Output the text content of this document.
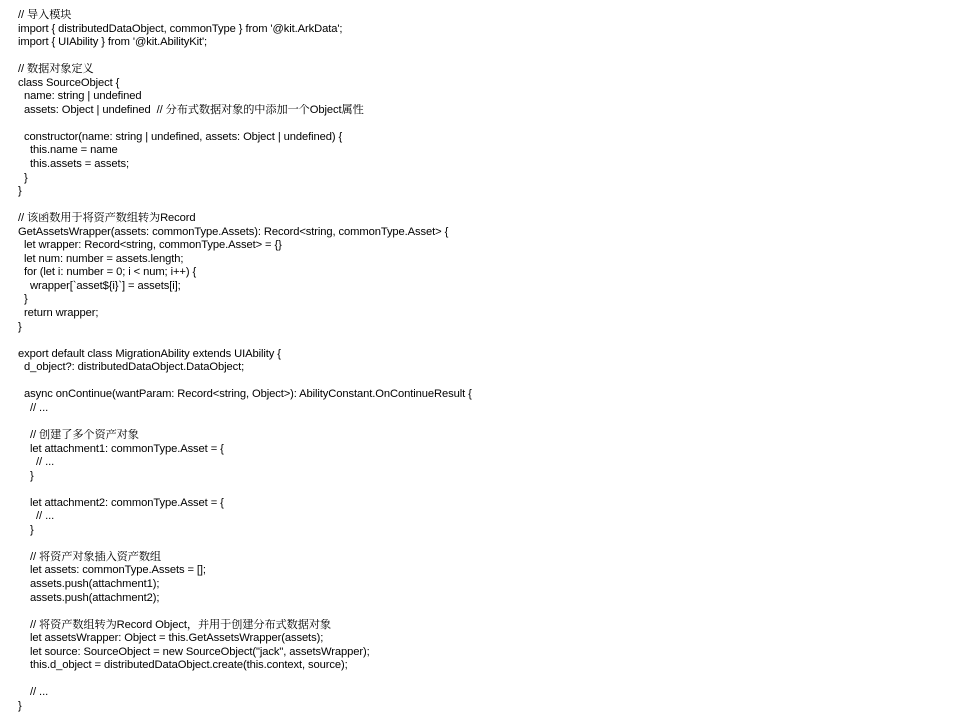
// 导入模块
import { distributedDataObject, commonType } from '@kit.ArkData';
import { UIAbility } from '@kit.AbilityKit';
// 数据对象定义
class SourceObject {
name: string | undefined
assets: Object | undefined  // 分布式数据对象的中添加一个Object属性
constructor(name: string | undefined, assets: Object | undefined) {
this.name = name
this.assets = assets;
}
}
// 该函数用于将资产数组转为Record
GetAssetsWrapper(assets: commonType.Assets): Record<string, commonType.Asset> {
let wrapper: Record<string, commonType.Asset> = {}
let num: number = assets.length;
for (let i: number = 0; i < num; i++) {
wrapper[`asset${i}`] = assets[i];
}
return wrapper;
}
export default class MigrationAbility extends UIAbility {
d_object?: distributedDataObject.DataObject;
async onContinue(wantParam: Record<string, Object>): AbilityConstant.OnContinueResult {
// ...
// 创建了多个资产对象
let attachment1: commonType.Asset = {
// ...
}
let attachment2: commonType.Asset = {
// ...
}
// 将资产对象插入资产数组
let assets: commonType.Assets = [];
assets.push(attachment1);
assets.push(attachment2);
// 将资产数组转为Record Object，并用于创建分布式数据对象
let assetsWrapper: Object = this.GetAssetsWrapper(assets);
let source: SourceObject = new SourceObject("jack", assetsWrapper);
this.d_object = distributedDataObject.create(this.context, source);
// ...
}
